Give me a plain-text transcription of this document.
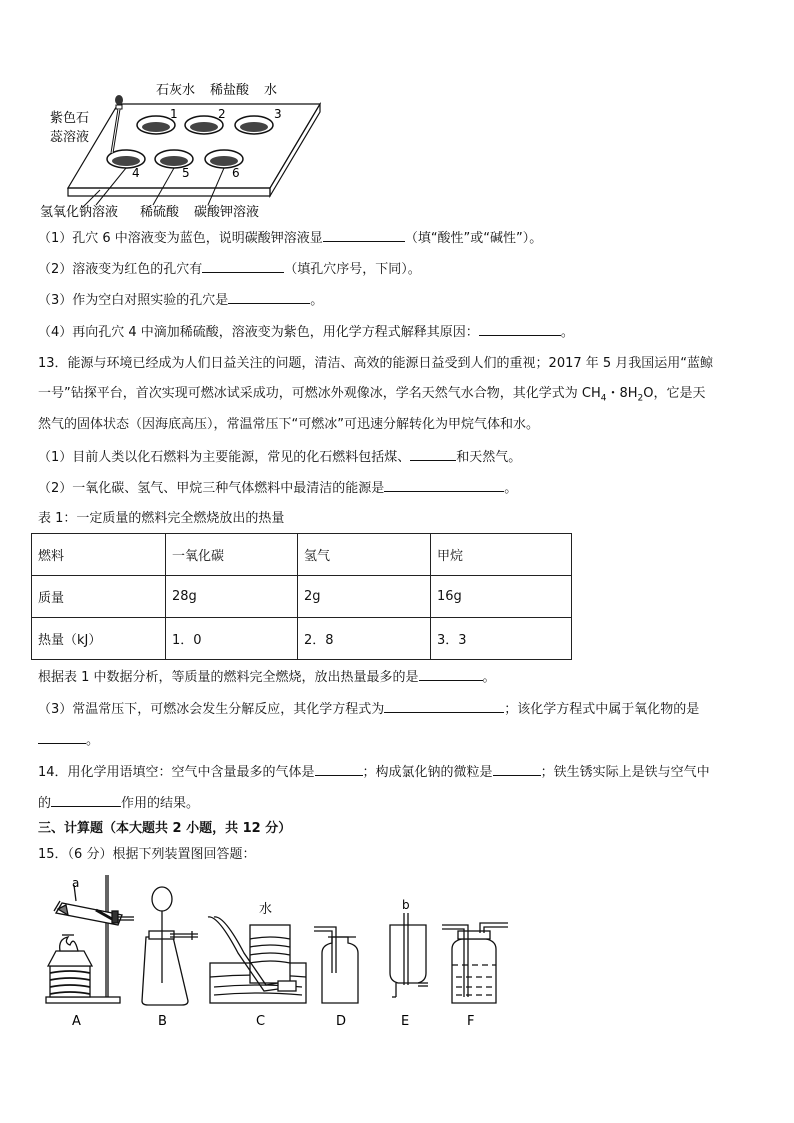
1	2	3
4	5	6
石灰水 稀盐酸 水
紫色石
蕊溶液
氢氧化钠溶液 稀硫酸 碳酸钾溶液
（1）孔穴 6 中溶液变为蓝色，说明碳酸钾溶液显	（填“酸性”或“碱性”）。
（2）溶液变为红色的孔穴有	（填孔穴序号，下同）。
（3）作为空白对照实验的孔穴是	。
（4）再向孔穴 4 中滴加稀硫酸，溶液变为紫色，用化学方程式解释其原因：	。
13．能源与环境已经成为人们日益关注的问题，清洁、高效的能源日益受到人们的重视；2017 年 5 月我国运用“蓝鲸
一号”钻探平台，首次实现可燃冰试采成功，可燃冰外观像冰，学名天然气水合物，其化学式为 $CH_4$・$8H_2O$，它是天
然气的固体状态（因海底高压），常温常压下“可燃冰”可迅速分解转化为甲烷气体和水。
（1）目前人类以化石燃料为主要能源，常见的化石燃料包括煤、	和天然气。
（2）一氧化碳、氢气、甲烷三种气体燃料中最清洁的能源是	。
表 1：一定质量的燃料完全燃烧放出的热量
燃料	一氧化碳	氢气	甲烷
质量	28g	2g	16g
热量（kJ）	1．0	2．8	3．3
根据表 1 中数据分析，等质量的燃料完全燃烧，放出热量最多的是	。
（3）常温常压下，可燃冰会发生分解反应，其化学方程式为	；该化学方程式中属于氧化物的是
。
14．用化学用语填空：空气中含量最多的气体是	；构成氯化钠的微粒是	；铁生锈实际上是铁与空气中
的	作用的结果。
三、计算题（本大题共 2 小题，共 12 分）
15．（6 分）根据下列装置图回答题：
a
水	b
A	B	C	D	E	F
